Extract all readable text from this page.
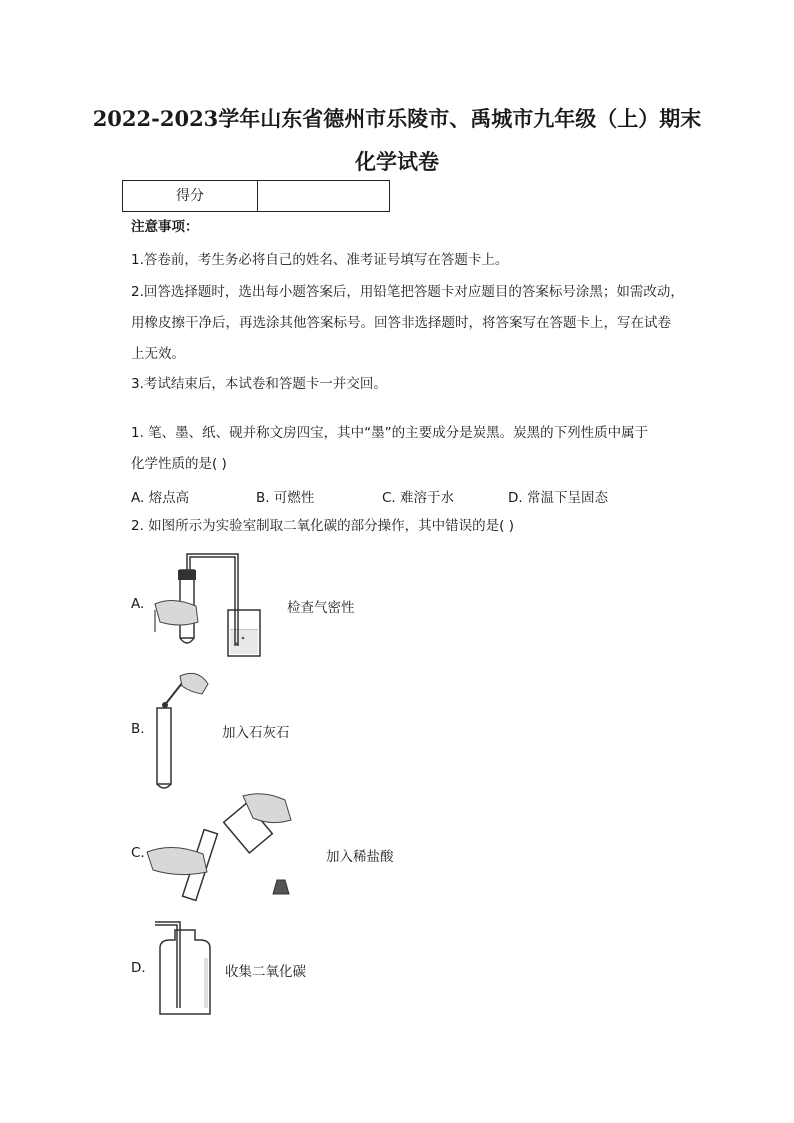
2022-2023学年山东省德州市乐陵市、禹城市九年级（上）期末
化学试卷
得分
注意事项：
1.答卷前，考生务必将自己的姓名、准考证号填写在答题卡上。
2.回答选择题时，选出每小题答案后，用铅笔把答题卡对应题目的答案标号涂黑；如需改动，
用橡皮擦干净后，再选涂其他答案标号。回答非选择题时，将答案写在答题卡上，写在试卷
上无效。
3.考试结束后，本试卷和答题卡一并交回。
1. 笔、墨、纸、砚并称文房四宝，其中“墨”的主要成分是炭黑。炭黑的下列性质中属于
化学性质的是( )
A. 熔点高	B. 可燃性	C. 难溶于水	D. 常温下呈固态
2. 如图所示为实验室制取二氧化碳的部分操作，其中错误的是( )
A.	检查气密性
B.	加入石灰石
C.	加入稀盐酸
D.	收集二氧化碳
